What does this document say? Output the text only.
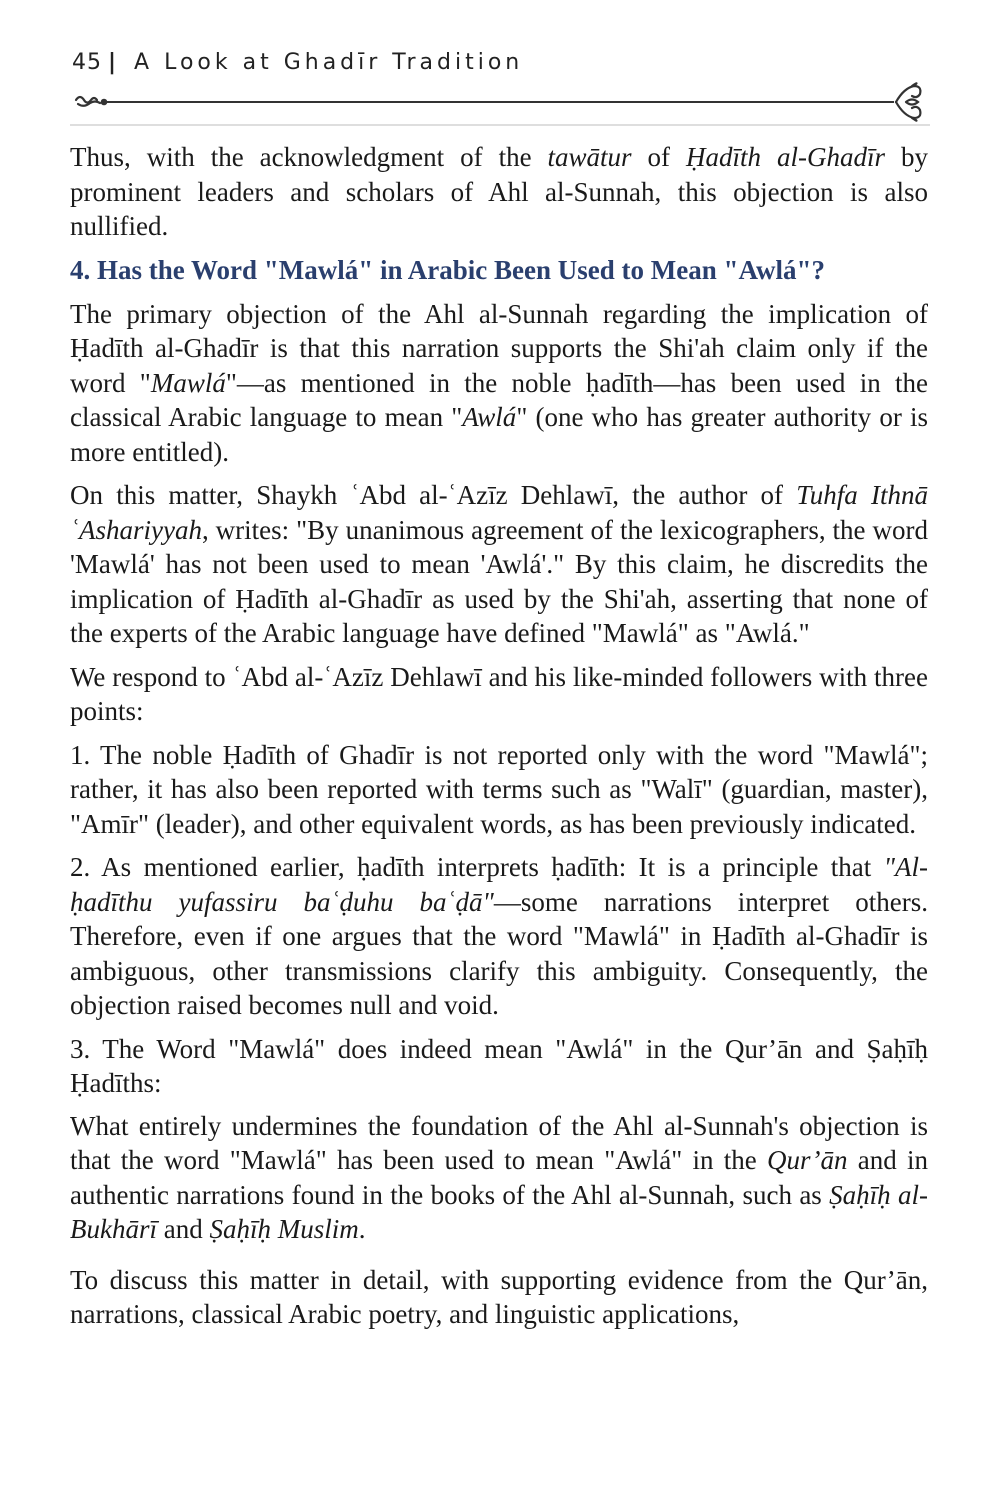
45 | A Look at Ghadīr Tradition

Thus, with the acknowledgment of the tawātur of Ḥadīth al-Ghadīr by prominent leaders and scholars of Ahl al-Sunnah, this objection is also nullified.

4. Has the Word "Mawlá" in Arabic Been Used to Mean "Awlá"?

The primary objection of the Ahl al-Sunnah regarding the implication of Ḥadīth al-Ghadīr is that this narration supports the Shi'ah claim only if the word "Mawlá"—as mentioned in the noble ḥadīth—has been used in the classical Arabic language to mean "Awlá" (one who has greater authority or is more entitled).

On this matter, Shaykh ʿAbd al-ʿAzīz Dehlawī, the author of Tuhfa Ithnā ʿAshariyyah, writes: "By unanimous agreement of the lexicographers, the word 'Mawlá' has not been used to mean 'Awlá'." By this claim, he discredits the implication of Ḥadīth al-Ghadīr as used by the Shi'ah, asserting that none of the experts of the Arabic language have defined "Mawlá" as "Awlá."

We respond to ʿAbd al-ʿAzīz Dehlawī and his like-minded followers with three points:

1. The noble Ḥadīth of Ghadīr is not reported only with the word "Mawlá"; rather, it has also been reported with terms such as "Walī" (guardian, master), "Amīr" (leader), and other equivalent words, as has been previously indicated.

2. As mentioned earlier, ḥadīth interprets ḥadīth: It is a principle that "Al-ḥadīthu yufassiru baʿḍuhu baʿḍā"—some narrations interpret others. Therefore, even if one argues that the word "Mawlá" in Ḥadīth al-Ghadīr is ambiguous, other transmissions clarify this ambiguity. Consequently, the objection raised becomes null and void.

3. The Word "Mawlá" does indeed mean "Awlá" in the Qur’ān and Ṣaḥīḥ Ḥadīths:

What entirely undermines the foundation of the Ahl al-Sunnah's objection is that the word "Mawlá" has been used to mean "Awlá" in the Qur’ān and in authentic narrations found in the books of the Ahl al-Sunnah, such as Ṣaḥīḥ al-Bukhārī and Ṣaḥīḥ Muslim.

To discuss this matter in detail, with supporting evidence from the Qur’ān, narrations, classical Arabic poetry, and linguistic applications,
